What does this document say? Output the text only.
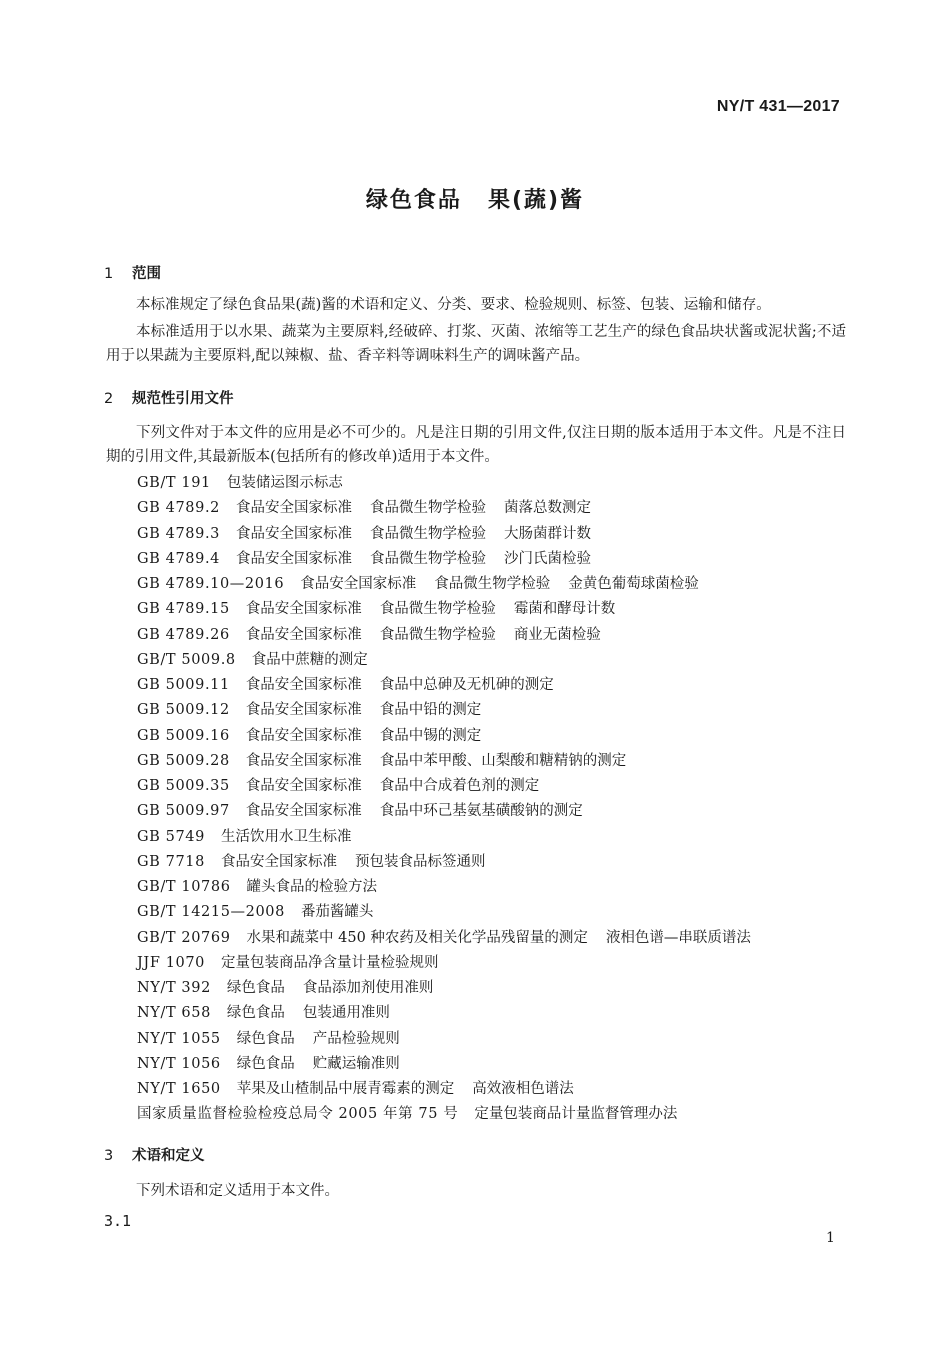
NY/T 431—2017
绿色食品 果(蔬)酱
1 范围
本标准规定了绿色食品果(蔬)酱的术语和定义、分类、要求、检验规则、标签、包装、运输和储存。
本标准适用于以水果、蔬菜为主要原料,经破碎、打浆、灭菌、浓缩等工艺生产的绿色食品块状酱或泥状酱;不适用于以果蔬为主要原料,配以辣椒、盐、香辛料等调味料生产的调味酱产品。
2 规范性引用文件
下列文件对于本文件的应用是必不可少的。凡是注日期的引用文件,仅注日期的版本适用于本文件。凡是不注日期的引用文件,其最新版本(包括所有的修改单)适用于本文件。
GB/T 191 包装储运图示标志
GB 4789.2 食品安全国家标准 食品微生物学检验 菌落总数测定
GB 4789.3 食品安全国家标准 食品微生物学检验 大肠菌群计数
GB 4789.4 食品安全国家标准 食品微生物学检验 沙门氏菌检验
GB 4789.10—2016 食品安全国家标准 食品微生物学检验 金黄色葡萄球菌检验
GB 4789.15 食品安全国家标准 食品微生物学检验 霉菌和酵母计数
GB 4789.26 食品安全国家标准 食品微生物学检验 商业无菌检验
GB/T 5009.8 食品中蔗糖的测定
GB 5009.11 食品安全国家标准 食品中总砷及无机砷的测定
GB 5009.12 食品安全国家标准 食品中铅的测定
GB 5009.16 食品安全国家标准 食品中锡的测定
GB 5009.28 食品安全国家标准 食品中苯甲酸、山梨酸和糖精钠的测定
GB 5009.35 食品安全国家标准 食品中合成着色剂的测定
GB 5009.97 食品安全国家标准 食品中环己基氨基磺酸钠的测定
GB 5749 生活饮用水卫生标准
GB 7718 食品安全国家标准 预包装食品标签通则
GB/T 10786 罐头食品的检验方法
GB/T 14215—2008 番茄酱罐头
GB/T 20769 水果和蔬菜中 450 种农药及相关化学品残留量的测定 液相色谱—串联质谱法
JJF 1070 定量包装商品净含量计量检验规则
NY/T 392 绿色食品 食品添加剂使用准则
NY/T 658 绿色食品 包装通用准则
NY/T 1055 绿色食品 产品检验规则
NY/T 1056 绿色食品 贮藏运输准则
NY/T 1650 苹果及山楂制品中展青霉素的测定 高效液相色谱法
国家质量监督检验检疫总局令 2005 年第 75 号 定量包装商品计量监督管理办法
3 术语和定义
下列术语和定义适用于本文件。
3.1
1
